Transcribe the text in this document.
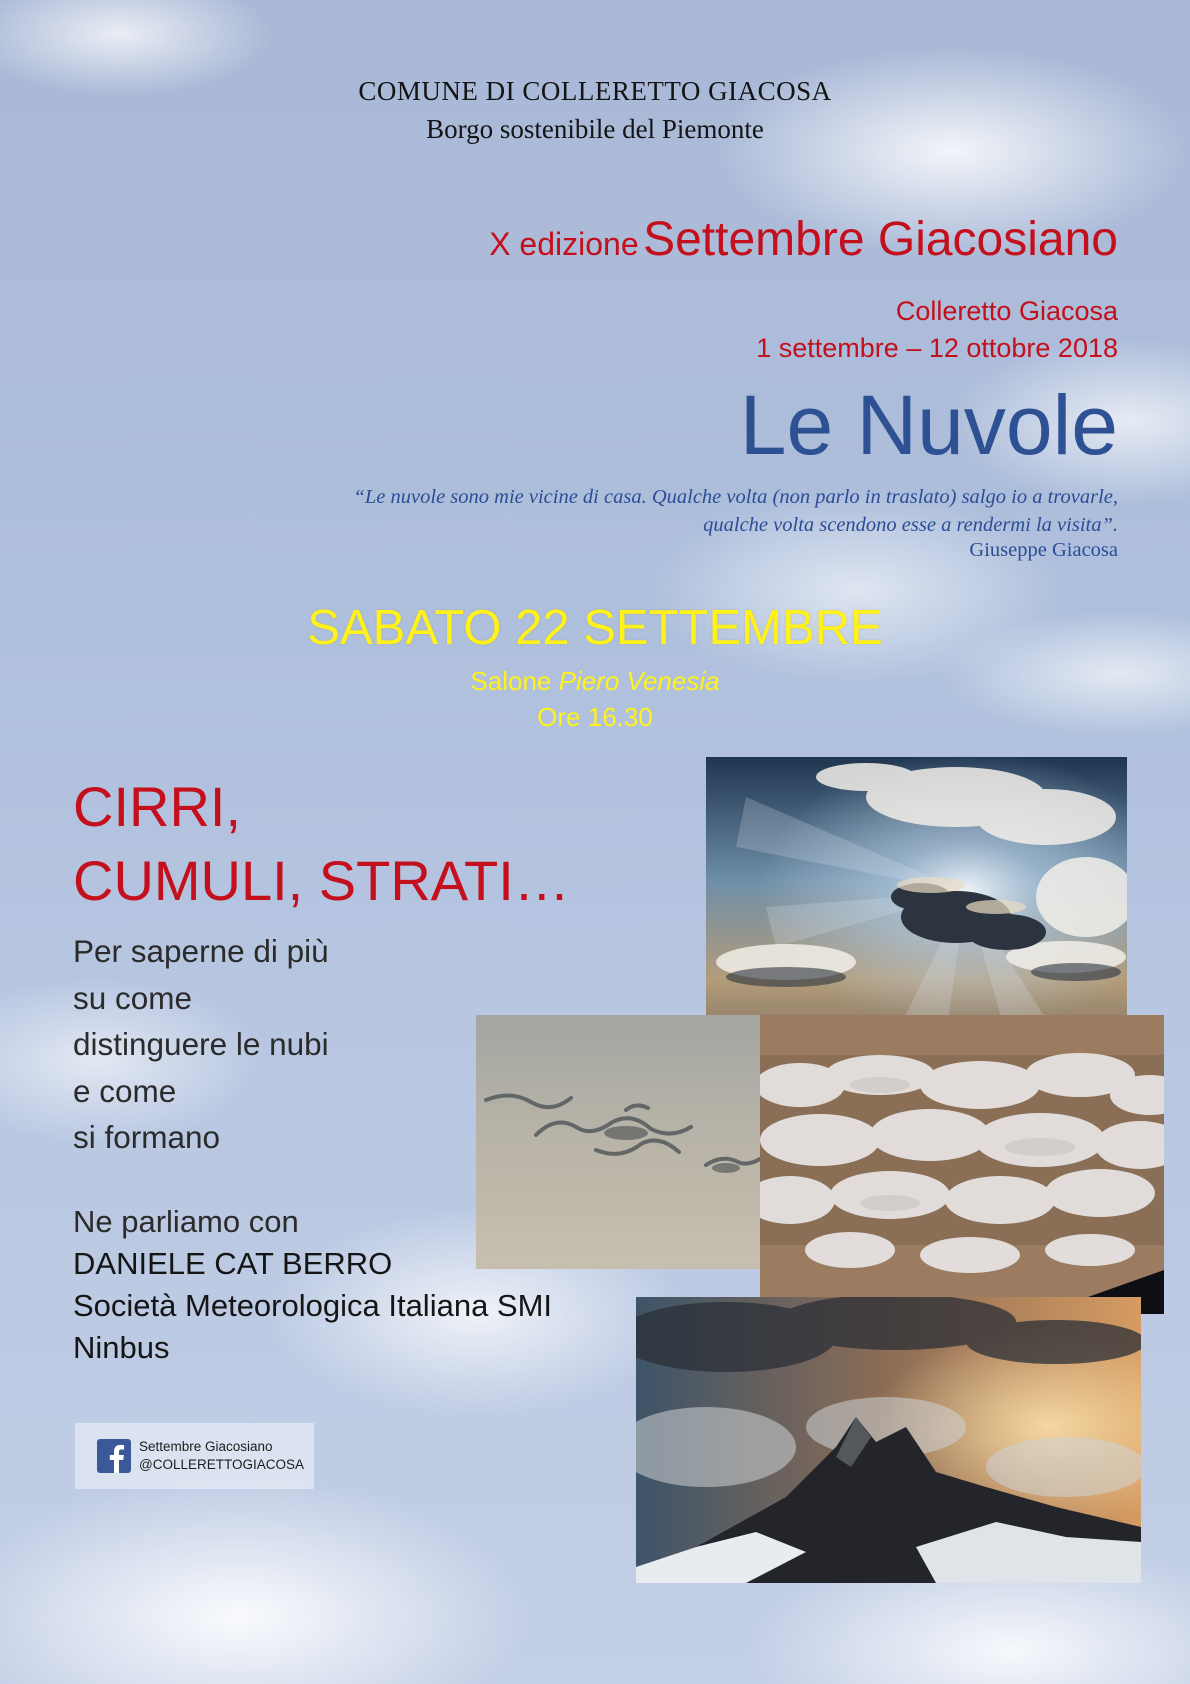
COMUNE DI COLLERETTO GIACOSA
Borgo sostenibile del Piemonte
X edizione Settembre Giacosiano
Colleretto Giacosa
1 settembre – 12 ottobre 2018
Le Nuvole
“Le nuvole sono mie vicine di casa. Qualche volta (non parlo in traslato) salgo io a trovarle,
qualche volta scendono esse a rendermi la visita”.
Giuseppe Giacosa
SABATO 22 SETTEMBRE
Salone Piero Venesia
Ore 16.30
CIRRI,
CUMULI, STRATI…
Per saperne di più
su come
distinguere le nubi
e come
si formano
Ne parliamo con
DANIELE CAT BERRO
Società Meteorologica Italiana SMI
Ninbus
Settembre Giacosiano
@COLLERETTOGIACOSA
